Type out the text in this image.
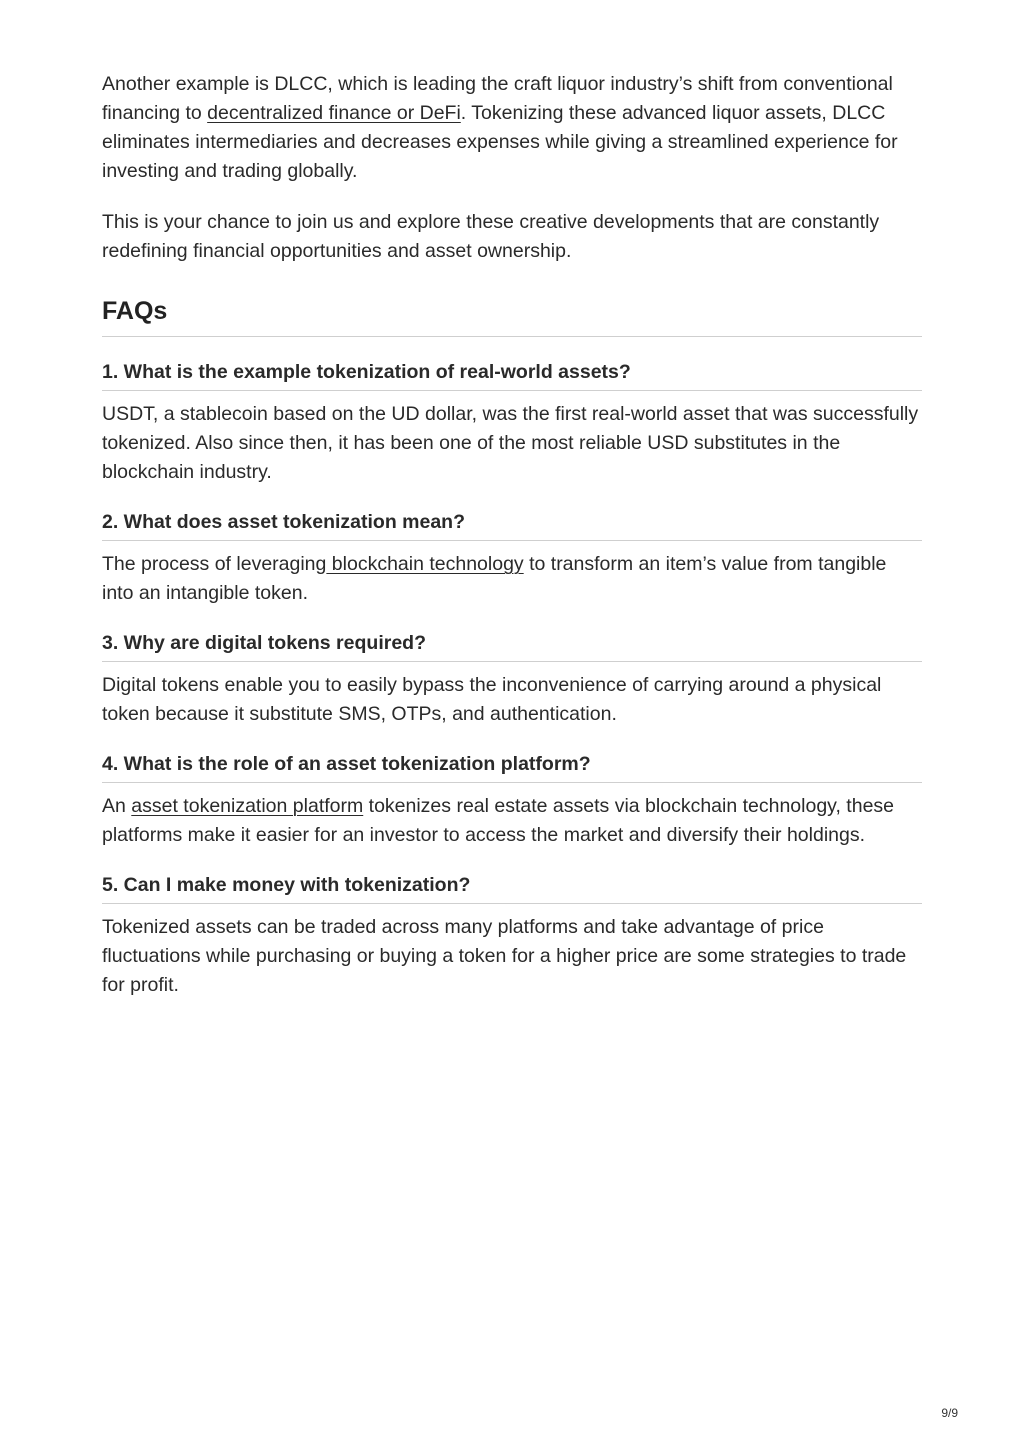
Another example is DLCC, which is leading the craft liquor industry’s shift from conventional financing to decentralized finance or DeFi. Tokenizing these advanced liquor assets, DLCC eliminates intermediaries and decreases expenses while giving a streamlined experience for investing and trading globally.

This is your chance to join us and explore these creative developments that are constantly redefining financial opportunities and asset ownership.

FAQs
1. What is the example tokenization of real-world assets?

USDT, a stablecoin based on the UD dollar, was the first real-world asset that was successfully tokenized. Also since then, it has been one of the most reliable USD substitutes in the blockchain industry.

2. What does asset tokenization mean?

The process of leveraging blockchain technology to transform an item’s value from tangible into an intangible token.

3. Why are digital tokens required?

Digital tokens enable you to easily bypass the inconvenience of carrying around a physical token because it substitute SMS, OTPs, and authentication.

4. What is the role of an asset tokenization platform?

An asset tokenization platform tokenizes real estate assets via blockchain technology, these platforms make it easier for an investor to access the market and diversify their holdings.

5. Can I make money with tokenization?

Tokenized assets can be traded across many platforms and take advantage of price fluctuations while purchasing or buying a token for a higher price are some strategies to trade for profit.

9/9
